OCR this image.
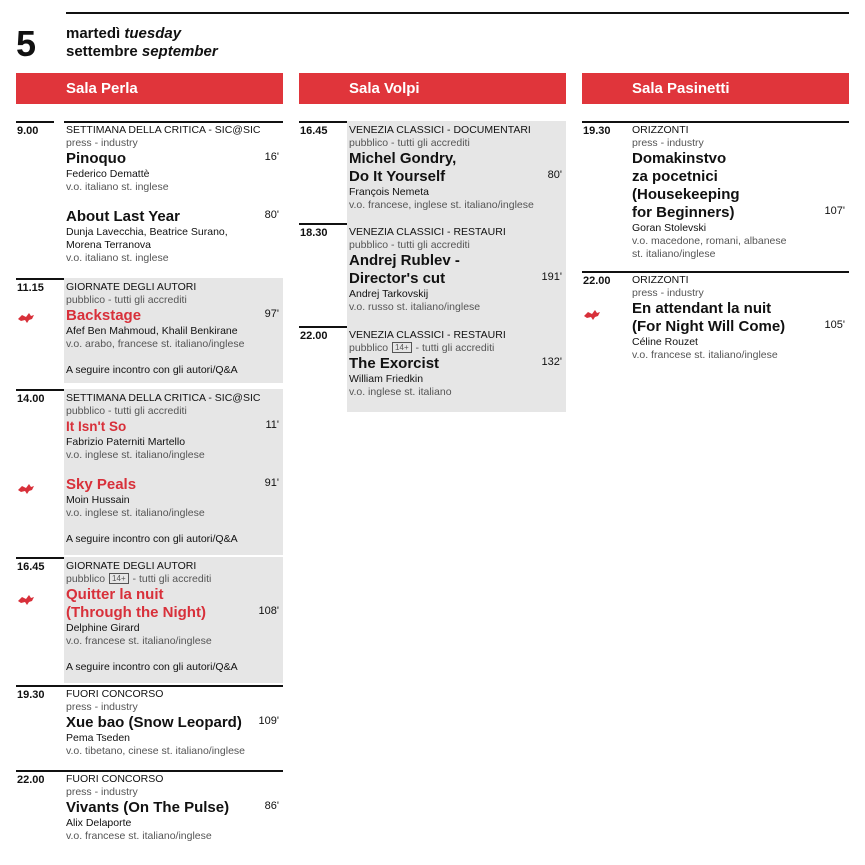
5 martedì tuesday
settembre september
Sala Perla
9.00	SETTIMANA DELLA CRITICA - SIC@SIC
press - industry
Pinoquo	16'
Federico Demattè
v.o. italiano st. inglese
About Last Year	80'
Dunja Lavecchia, Beatrice Surano, Morena Terranova
v.o. italiano st. inglese
11.15 GIORNATE DEGLI AUTORI
pubblico - tutti gli accrediti
Backstage	97'
Afef Ben Mahmoud, Khalil Benkirane
v.o. arabo, francese st. italiano/inglese
A seguire incontro con gli autori/Q&A
14.00 SETTIMANA DELLA CRITICA - SIC@SIC
pubblico - tutti gli accrediti
It Isn't So	11'
Fabrizio Paterniti Martello
v.o. inglese st. italiano/inglese
Sky Peals	91'
Moin Hussain
v.o. inglese st. italiano/inglese
A seguire incontro con gli autori/Q&A
16.45 GIORNATE DEGLI AUTORI
pubblico 14+ - tutti gli accrediti
Quitter la nuit
(Through the Night)	108'
Delphine Girard
v.o. francese st. italiano/inglese
A seguire incontro con gli autori/Q&A
19.30 FUORI CONCORSO
press - industry
Xue bao (Snow Leopard) 109'
Pema Tseden
v.o. tibetano, cinese st. italiano/inglese
22.00 FUORI CONCORSO
press - industry
Vivants (On The Pulse)	86'
Alix Delaporte
v.o. francese st. italiano/inglese
Sala Volpi
16.45 VENEZIA CLASSICI - DOCUMENTARI
pubblico - tutti gli accrediti
Michel Gondry,
Do It Yourself	80'
François Nemeta
v.o. francese, inglese st. italiano/inglese
18.30 VENEZIA CLASSICI - RESTAURI
pubblico - tutti gli accrediti
Andrej Rublev -
Director's cut	191'
Andrej Tarkovskij
v.o. russo st. italiano/inglese
22.00 VENEZIA CLASSICI - RESTAURI
pubblico 14+ - tutti gli accrediti
The Exorcist	132'
William Friedkin
v.o. inglese st. italiano
Sala Pasinetti
19.30 ORIZZONTI
press - industry
Domakinstvo
za pocetnici
(Housekeeping
for Beginners)	107'
Goran Stolevski
v.o. macedone, romani, albanese
st. italiano/inglese
22.00 ORIZZONTI
press - industry
En attendant la nuit
(For Night Will Come)	105'
Céline Rouzet
v.o. francese st. italiano/inglese
